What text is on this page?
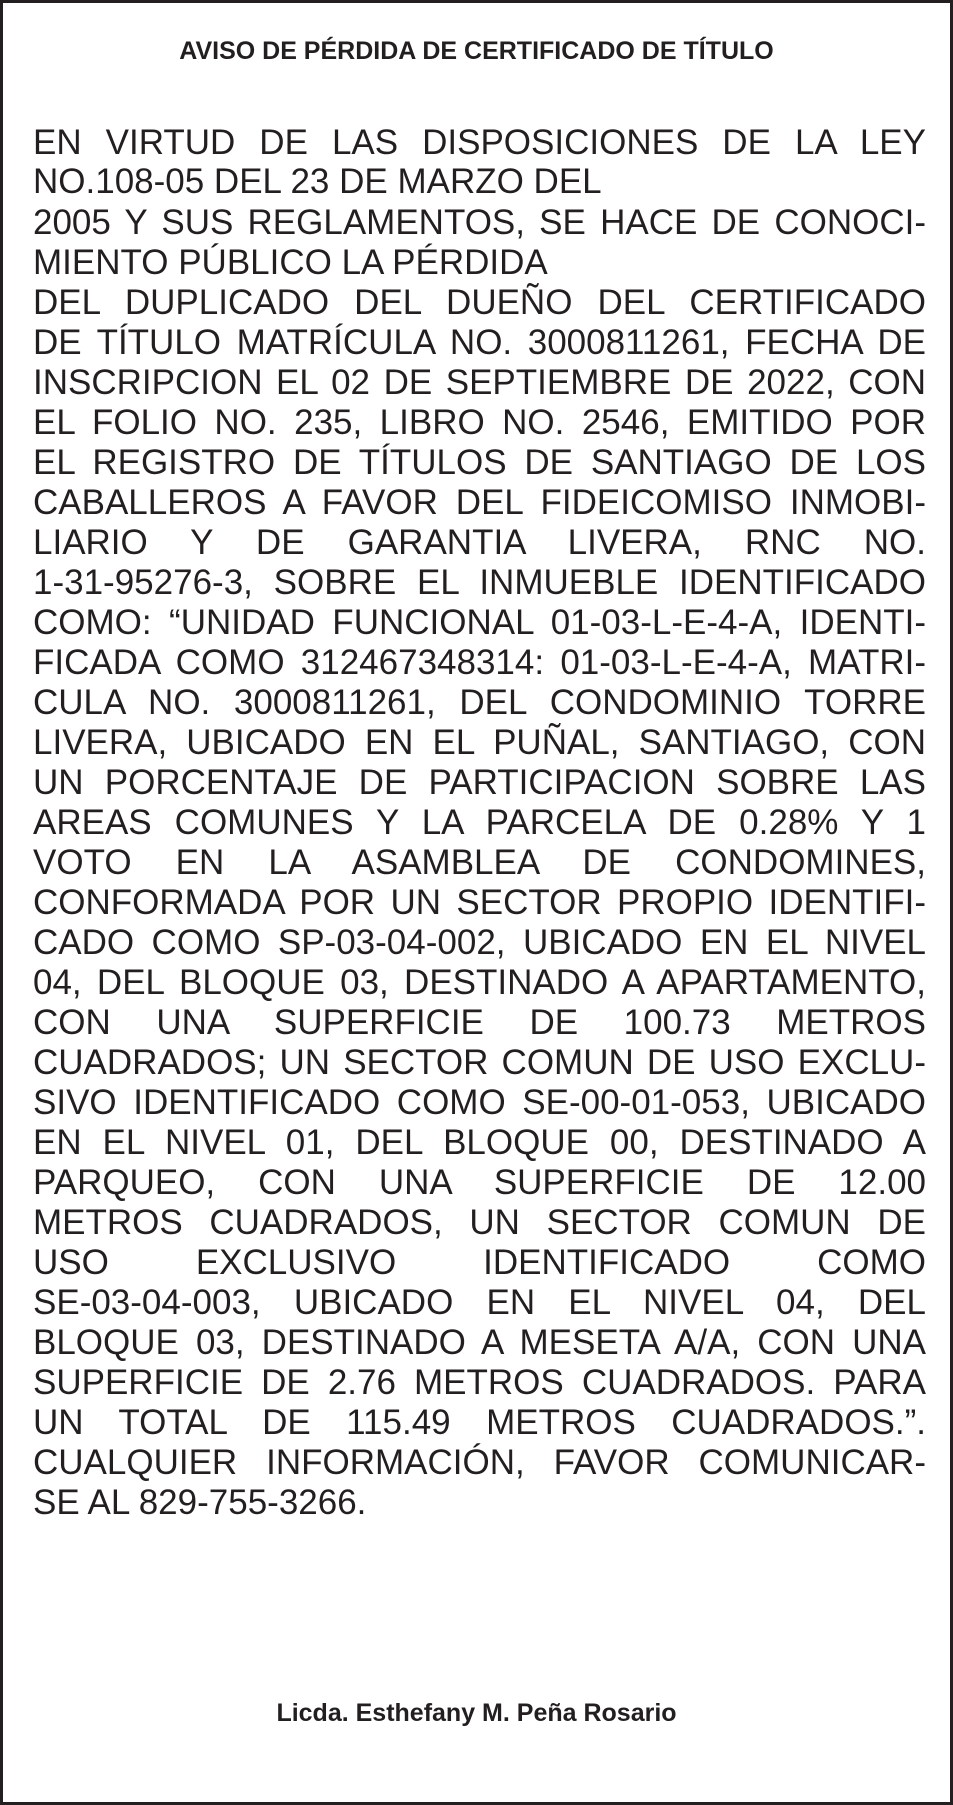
AVISO DE PÉRDIDA DE CERTIFICADO DE TÍTULO
EN VIRTUD DE LAS DISPOSICIONES DE LA LEY
NO.108-05 DEL 23 DE MARZO DEL
2005 Y SUS REGLAMENTOS, SE HACE DE CONOCI-
MIENTO PÚBLICO LA PÉRDIDA
DEL DUPLICADO DEL DUEÑO DEL CERTIFICADO
DE TÍTULO MATRÍCULA NO. 3000811261, FECHA DE
INSCRIPCION EL 02 DE SEPTIEMBRE DE 2022, CON
EL FOLIO NO. 235, LIBRO NO. 2546, EMITIDO POR
EL REGISTRO DE TÍTULOS DE SANTIAGO DE LOS
CABALLEROS A FAVOR DEL FIDEICOMISO INMOBI-
LIARIO Y DE GARANTIA LIVERA, RNC NO.
1-31-95276-3, SOBRE EL INMUEBLE IDENTIFICADO
COMO: “UNIDAD FUNCIONAL 01-03-L-E-4-A, IDENTI-
FICADA COMO 312467348314: 01-03-L-E-4-A, MATRI-
CULA NO. 3000811261, DEL CONDOMINIO TORRE
LIVERA, UBICADO EN EL PUÑAL, SANTIAGO, CON
UN PORCENTAJE DE PARTICIPACION SOBRE LAS
AREAS COMUNES Y LA PARCELA DE 0.28% Y 1
VOTO EN LA ASAMBLEA DE CONDOMINES,
CONFORMADA POR UN SECTOR PROPIO IDENTIFI-
CADO COMO SP-03-04-002, UBICADO EN EL NIVEL
04, DEL BLOQUE 03, DESTINADO A APARTAMENTO,
CON UNA SUPERFICIE DE 100.73 METROS
CUADRADOS; UN SECTOR COMUN DE USO EXCLU-
SIVO IDENTIFICADO COMO SE-00-01-053, UBICADO
EN EL NIVEL 01, DEL BLOQUE 00, DESTINADO A
PARQUEO, CON UNA SUPERFICIE DE 12.00
METROS CUADRADOS, UN SECTOR COMUN DE
USO EXCLUSIVO IDENTIFICADO COMO
SE-03-04-003, UBICADO EN EL NIVEL 04, DEL
BLOQUE 03, DESTINADO A MESETA A/A, CON UNA
SUPERFICIE DE 2.76 METROS CUADRADOS. PARA
UN TOTAL DE 115.49 METROS CUADRADOS.”.
CUALQUIER INFORMACIÓN, FAVOR COMUNICAR-
SE AL 829-755-3266.

Licda. Esthefany M. Peña Rosario
